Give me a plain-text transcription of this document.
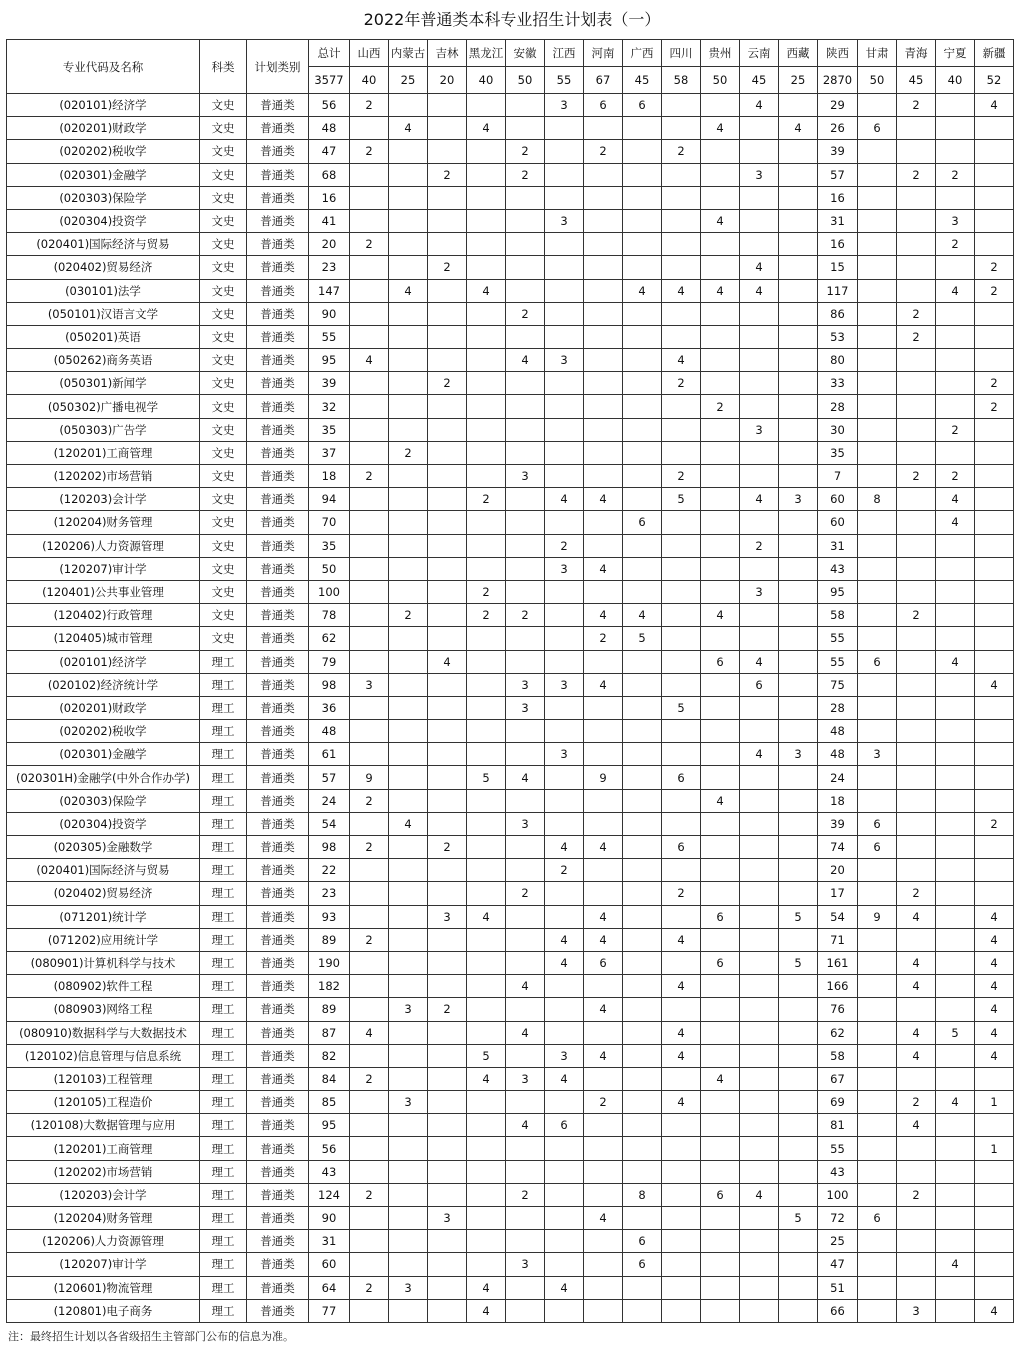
2022年普通类本科专业招生计划表（一）
专业代码及名称	科类	计划类别	总计	山西	内蒙古	吉林	黑龙江	安徽	江西	河南	广西	四川	贵州	云南	西藏	陕西	甘肃	青海	宁夏	新疆
			3577	40	25	20	40	50	55	67	45	58	50	45	25	2870	50	45	40	52
(020101)经济学	文史	普通类	56	2					3	6	6			4		29		2		4
(020201)财政学	文史	普通类	48		4		4						4		4	26	6			
(020202)税收学	文史	普通类	47	2				2		2		2				39				
(020301)金融学	文史	普通类	68			2		2						3		57		2	2	
(020303)保险学	文史	普通类	16													16				
(020304)投资学	文史	普通类	41						3				4			31			3	
(020401)国际经济与贸易	文史	普通类	20	2												16			2	
(020402)贸易经济	文史	普通类	23			2								4		15				2
(030101)法学	文史	普通类	147		4		4				4	4	4	4		117			4	2
(050101)汉语言文学	文史	普通类	90					2								86		2		
(050201)英语	文史	普通类	55													53		2		
(050262)商务英语	文史	普通类	95	4				4	3			4				80				
(050301)新闻学	文史	普通类	39			2						2				33				2
(050302)广播电视学	文史	普通类	32										2			28				2
(050303)广告学	文史	普通类	35											3		30			2	
(120201)工商管理	文史	普通类	37		2											35				
(120202)市场营销	文史	普通类	18	2				3				2				7		2	2	
(120203)会计学	文史	普通类	94				2		4	4		5		4	3	60	8		4	
(120204)财务管理	文史	普通类	70								6					60			4	
(120206)人力资源管理	文史	普通类	35						2					2		31				
(120207)审计学	文史	普通类	50						3	4						43				
(120401)公共事业管理	文史	普通类	100				2							3		95				
(120402)行政管理	文史	普通类	78		2		2	2		4	4		4			58		2		
(120405)城市管理	文史	普通类	62							2	5					55				
(020101)经济学	理工	普通类	79			4							6	4		55	6		4	
(020102)经济统计学	理工	普通类	98	3				3	3	4				6		75				4
(020201)财政学	理工	普通类	36					3				5				28				
(020202)税收学	理工	普通类	48													48				
(020301)金融学	理工	普通类	61						3					4	3	48	3			
(020301H)金融学(中外合作办学)	理工	普通类	57	9			5	4		9		6				24				
(020303)保险学	理工	普通类	24	2									4			18				
(020304)投资学	理工	普通类	54		4			3								39	6			2
(020305)金融数学	理工	普通类	98	2		2			4	4		6				74	6			
(020401)国际经济与贸易	理工	普通类	22						2							20				
(020402)贸易经济	理工	普通类	23					2				2				17		2		
(071201)统计学	理工	普通类	93			3	4			4			6		5	54	9	4		4
(071202)应用统计学	理工	普通类	89	2					4	4		4				71				4
(080901)计算机科学与技术	理工	普通类	190						4	6			6		5	161		4		4
(080902)软件工程	理工	普通类	182					4				4				166		4		4
(080903)网络工程	理工	普通类	89		3	2				4						76				4
(080910)数据科学与大数据技术	理工	普通类	87	4				4				4				62		4	5	4
(120102)信息管理与信息系统	理工	普通类	82				5		3	4		4				58		4		4
(120103)工程管理	理工	普通类	84	2			4	3	4				4			67				
(120105)工程造价	理工	普通类	85		3					2		4				69		2	4	1
(120108)大数据管理与应用	理工	普通类	95					4	6							81		4		
(120201)工商管理	理工	普通类	56													55				1
(120202)市场营销	理工	普通类	43													43				
(120203)会计学	理工	普通类	124	2				2			8		6	4		100		2		
(120204)财务管理	理工	普通类	90			3				4					5	72	6			
(120206)人力资源管理	理工	普通类	31								6					25				
(120207)审计学	理工	普通类	60					3			6					47			4	
(120601)物流管理	理工	普通类	64	2	3		4		4							51				
(120801)电子商务	理工	普通类	77				4									66		3		4
注：最终招生计划以各省级招生主管部门公布的信息为准。
